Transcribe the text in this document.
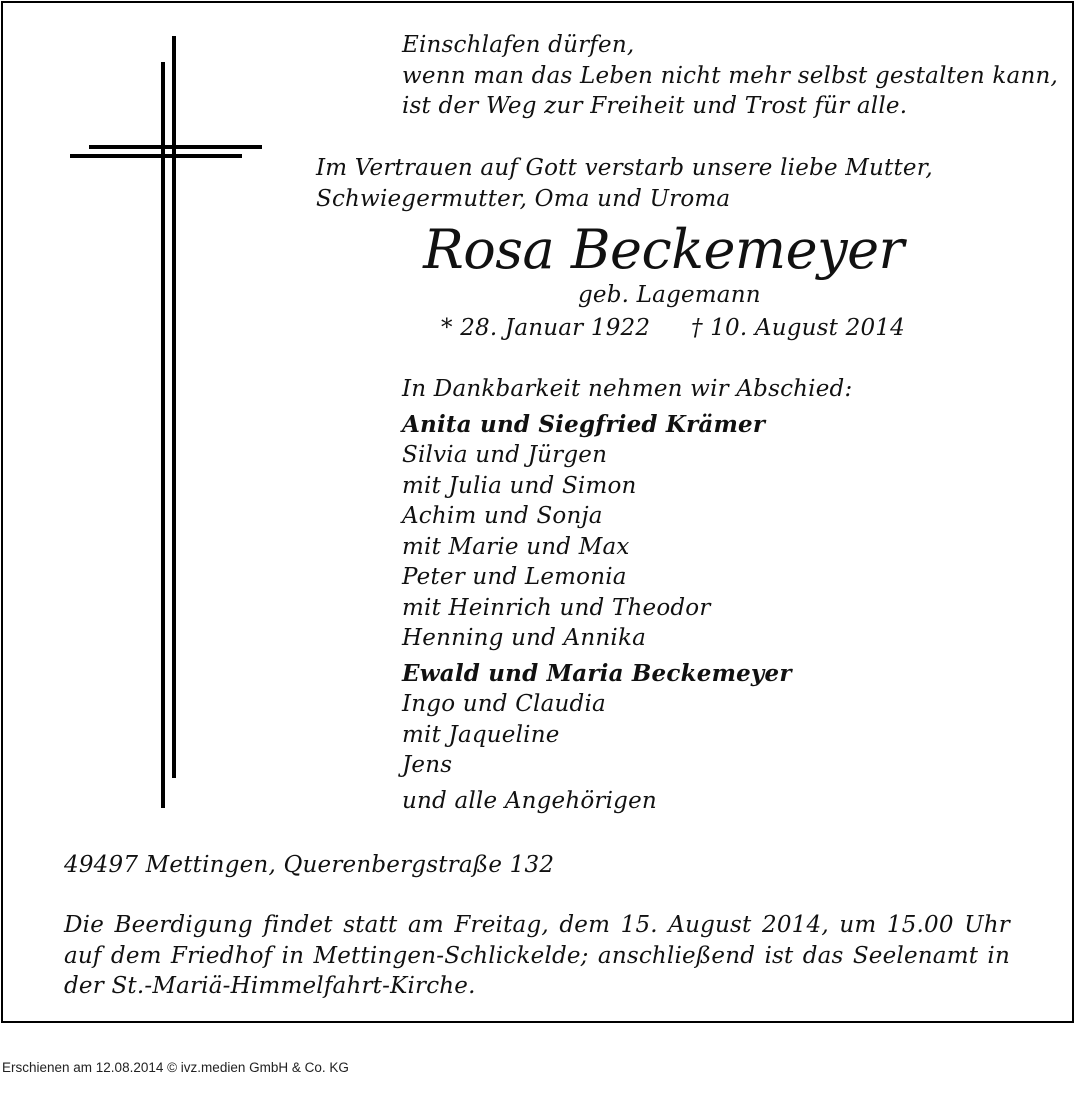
Einschlafen dürfen,
wenn man das Leben nicht mehr selbst gestalten kann,
ist der Weg zur Freiheit und Trost für alle.
Im Vertrauen auf Gott verstarb unsere liebe Mutter, Schwiegermutter, Oma und Uroma
Rosa Beckemeyer
geb. Lagemann
* 28. Januar 1922 † 10. August 2014
In Dankbarkeit nehmen wir Abschied:
Anita und Siegfried Krämer
Silvia und Jürgen
mit Julia und Simon
Achim und Sonja
mit Marie und Max
Peter und Lemonia
mit Heinrich und Theodor
Henning und Annika
Ewald und Maria Beckemeyer
Ingo und Claudia
mit Jaqueline
Jens
und alle Angehörigen
49497 Mettingen, Querenbergstraße 132
Die Beerdigung findet statt am Freitag, dem 15. August 2014, um 15.00 Uhr auf dem Friedhof in Mettingen-Schlickelde; anschließend ist das Seelenamt in der St.-Mariä-Himmelfahrt-Kirche.
Erschienen am 12.08.2014 © ivz.medien GmbH & Co. KG
